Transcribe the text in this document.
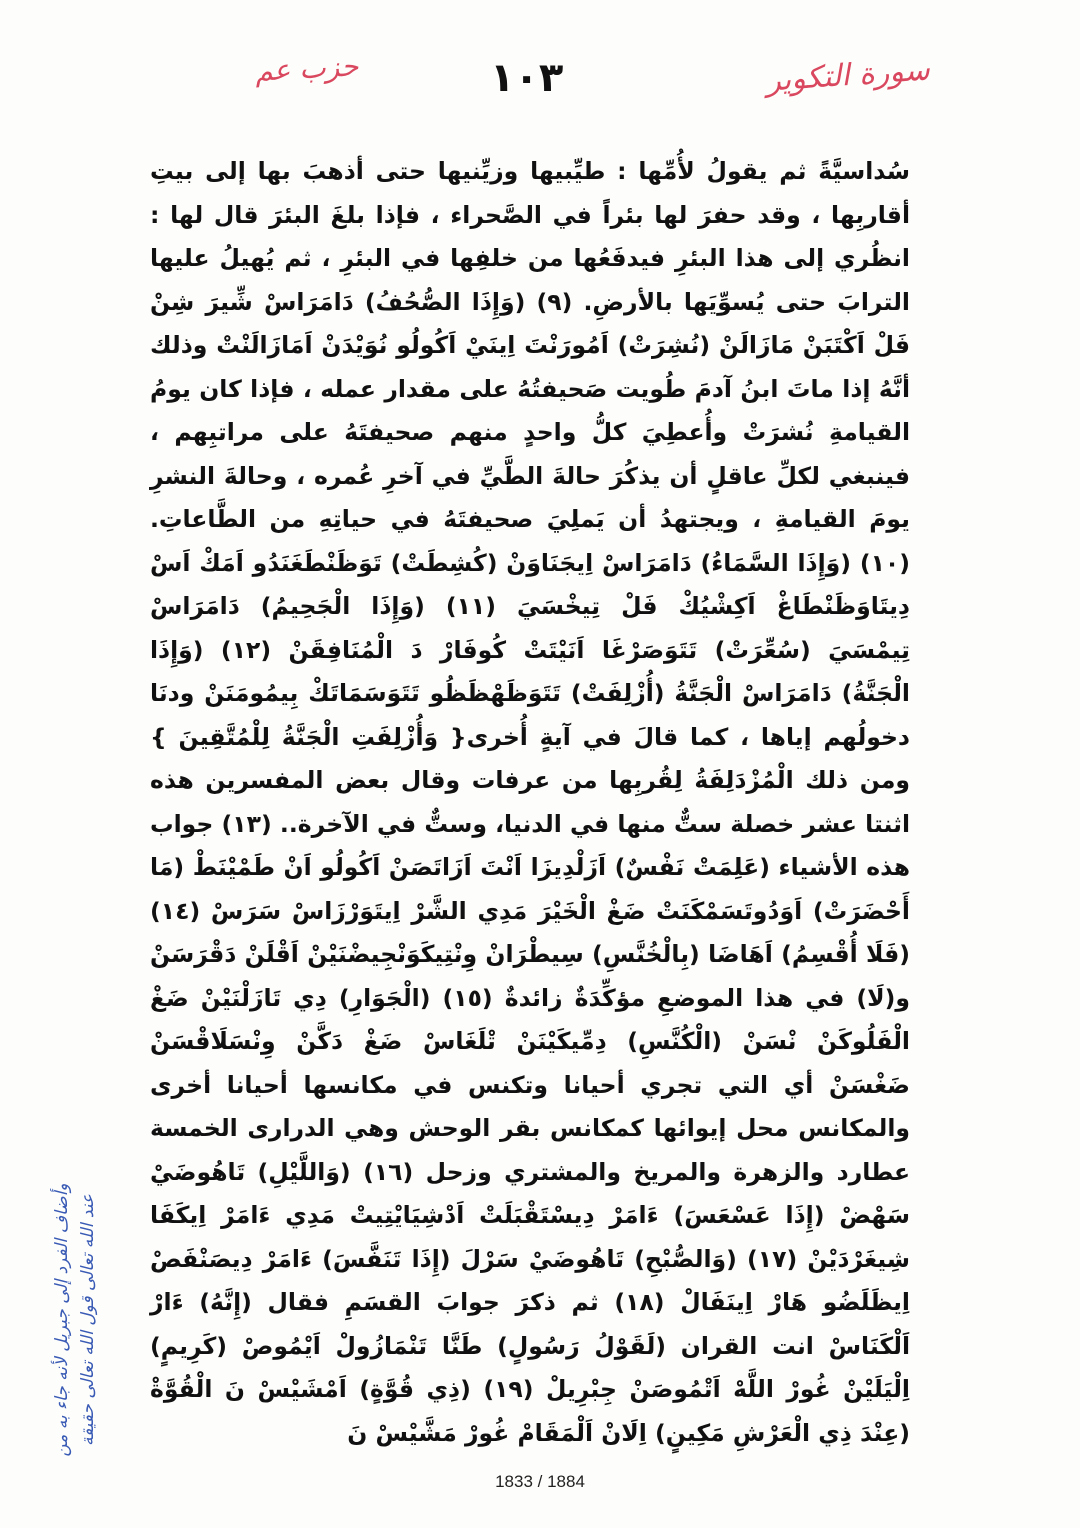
سورة التكوير
١٠٣
حزب عم

سُداسيَّةً ثم يقولُ لأُمِّها : طيِّبيها وزيِّنيها حتى أذهبَ بها إلى بيتِ أقاربِها ، وقد حفرَ لها بئراً في الصَّحراء ، فإذا بلغَ البئرَ قال لها : انظُري إلى هذا البئرِ فيدفَعُها من خلفِها في البئرِ ، ثم يُهيلُ عليها الترابَ حتى يُسوِّيَها بالأرضِ. (٩) (وَإِذَا الصُّحُفُ) دَامَرَاسْ شِّيرَ شِنْ فَلْ اَكْتَبَنْ مَازَالَنْ (نُشِرَتْ) اَمُورَنْتَ اِينَيْ اَكُولُو نُوَيْدَنْ اَمَازَالَنْتْ وذلك أنَّهُ إذا ماتَ ابنُ آدمَ طُويت صَحيفتُهُ على مقدار عمله ، فإذا كان يومُ القيامةِ نُشرَتْ وأُعطِيَ كلُّ واحدٍ منهم صحيفتَهُ على مراتبِهم ، فينبغي لكلِّ عاقلٍ أن يذكُرَ حالةَ الطَّيِّ في آخرِ عُمره ، وحالةَ النشرِ يومَ القيامةِ ، ويجتهدُ أن يَملِيَ صحيفتَهُ في حياتِهِ من الطَّاعاتِ. (١٠) (وَإِذَا السَّمَاءُ) دَامَرَاسْ اِيجَنَاوَنْ (كُشِطَتْ) تَوَظَنْطَغَنَدُو اَمَكْ اَسْ دِيتَاوَظَنْطَاغْ اَكِشْيُكْ فَلْ تِيخْسَيَ (١١) (وَإِذَا الْجَحِيمُ) دَامَرَاسْ تِيمْسَيَ (سُعِّرَتْ) تَتَوَصَرْغَا اَنَيْتَتْ كُوفَارْ دَ الْمُنَافِقَنْ (١٢) (وَإِذَا الْجَنَّةُ) دَامَرَاسْ الْجَنَّةُ (أُزْلِفَتْ) تَتَوَظَهْظَظُو تَتَوَسَمَاتَكْ بِيمُومَنَنْ ودنَا دخولُهم إياها ، كما قالَ في آيةٍ أُخرى{ وَأُزْلِفَتِ الْجَنَّةُ لِلْمُتَّقِينَ } ومن ذلك الْمُزْدَلِفَةُ لِقُربِها من عرفات وقال بعض المفسرين هذه اثنتا عشر خصلة ستٌّ منها في الدنيا، وستٌّ في الآخرة.. (١٣) جواب هذه الأشياء (عَلِمَتْ نَفْسٌ) اَزَلْدِيزَا اَنْتَ اَزَاتَصَنْ اَكُولُو اَنْ طَمْيْنَطْ (مَا أَحْضَرَتْ) اَوَدُوتَسَمْكَنَتْ ضَغْ الْخَيْرَ مَدِي الشَّرْ اِيتَوَرْزَاسْ سَرَسْ (١٤) (فَلَا أُقْسِمُ) اَهَاضَا (بِالْخُنَّسِ) سِيطْرَانْ وِنْتِيكَوَنْجِيضْنَيْنْ اَقْلَنْ دَقْرَسَنْ و(لَا) في هذا الموضعِ مؤكِّدَةٌ زائدةٌ (١٥) (الْجَوَارِ) دِي تَازَلْنَيْنْ ضَغْ الْفَلُوكَنْ نْسَنْ (الْكُنَّسِ) دِمِّيكَيْنَنْ تْلَغَاسْ ضَغْ دَكَّنْ وِنْسَلَاقْسَنْ ضَغْسَنْ أي التي تجري أحيانا وتكنس في مكانسها أحيانا أخرى والمكانس محل إيوائها كمكانس بقر الوحش وهي الدرارى الخمسة عطارد والزهرة والمريخ والمشتري وزحل (١٦) (وَاللَّيْلِ) تَاهُوضَيْ سَهْضْ (إِذَا عَسْعَسَ) ءَامَرْ دِيسْتَقْبَلَتْ اَدْشِيَايْتِيتْ مَدِي ءَامَرْ اِيكَفَا شِيغَرْدَيْنْ (١٧) (وَالصُّبْحِ) تَاهُوضَيْ سَرْلَ (إِذَا تَنَفَّسَ) ءَامَرْ دِيصَنْفَصْ اِيظَلَضُو هَارْ اِينَفَالْ (١٨) ثم ذكرَ جوابَ القسَمِ فقال (إِنَّهُ) ءَارْ اَلْكَنَاسْ انت القران (لَقَوْلُ رَسُولٍ) طَنَّا تَنْمَازُولْ اَيْمُوصْ (كَرِيمٍ) اِلْيَلَيْنْ غُورْ اللَّهْ اَتْمُوصَنْ جِبْرِيلْ (١٩) (ذِي قُوَّةٍ) اَمْشَيْسْ نَ الْقُوَّةْ (عِنْدَ ذِي الْعَرْشِ مَكِينٍ) اِلَانْ اَلْمَقَامْ غُورْ مَشَّيْسْ نَ

وأضاف الفرد إلى جبريل لأنه جاء به من عند الله تعالى قول الله تعالى حقيقة
1833 / 1884
